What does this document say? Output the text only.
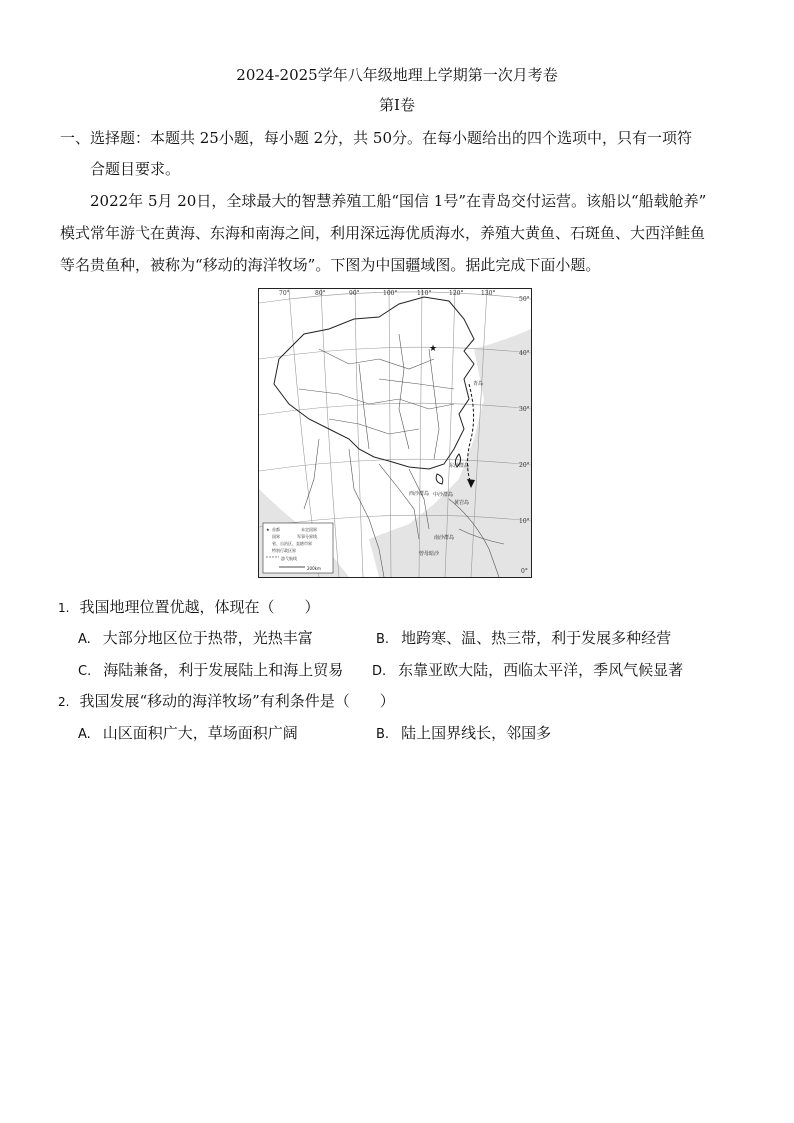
2024-2025学年八年级地理上学期第一次月考卷
第I卷
一、选择题：本题共 25小题，每小题 2分，共 50分。在每小题给出的四个选项中，只有一项符
合题目要求。
2022年 5月 20日，全球最大的智慧养殖工船“国信 1号”在青岛交付运营。该船以“船载舱养”
模式常年游弋在黄海、东海和南海之间，利用深远海优质海水，养殖大黄鱼、石斑鱼、大西洋鲑鱼
等名贵鱼种，被称为“移动的海洋牧场”。下图为中国疆域图。据此完成下面小题。
★
70°	80°	90°	100°	110°	120°	130°
50°
40°
30°
20°
10°
0°
青岛
东沙群岛
西沙群岛 中沙群岛
黄岩岛
南沙群岛
曾母暗沙
★ 首都	未定国界
国界	军事分界线
省、自治区、直辖市界
特别行政区界
游弋航线
200km
1. 我国地理位置优越，体现在（　　）
A. 大部分地区位于热带，光热丰富	B. 地跨寒、温、热三带，利于发展多种经营
C. 海陆兼备，利于发展陆上和海上贸易 D. 东靠亚欧大陆，西临太平洋，季风气候显著
2. 我国发展“移动的海洋牧场”有利条件是（　　）
A. 山区面积广大，草场面积广阔	B. 陆上国界线长，邻国多
